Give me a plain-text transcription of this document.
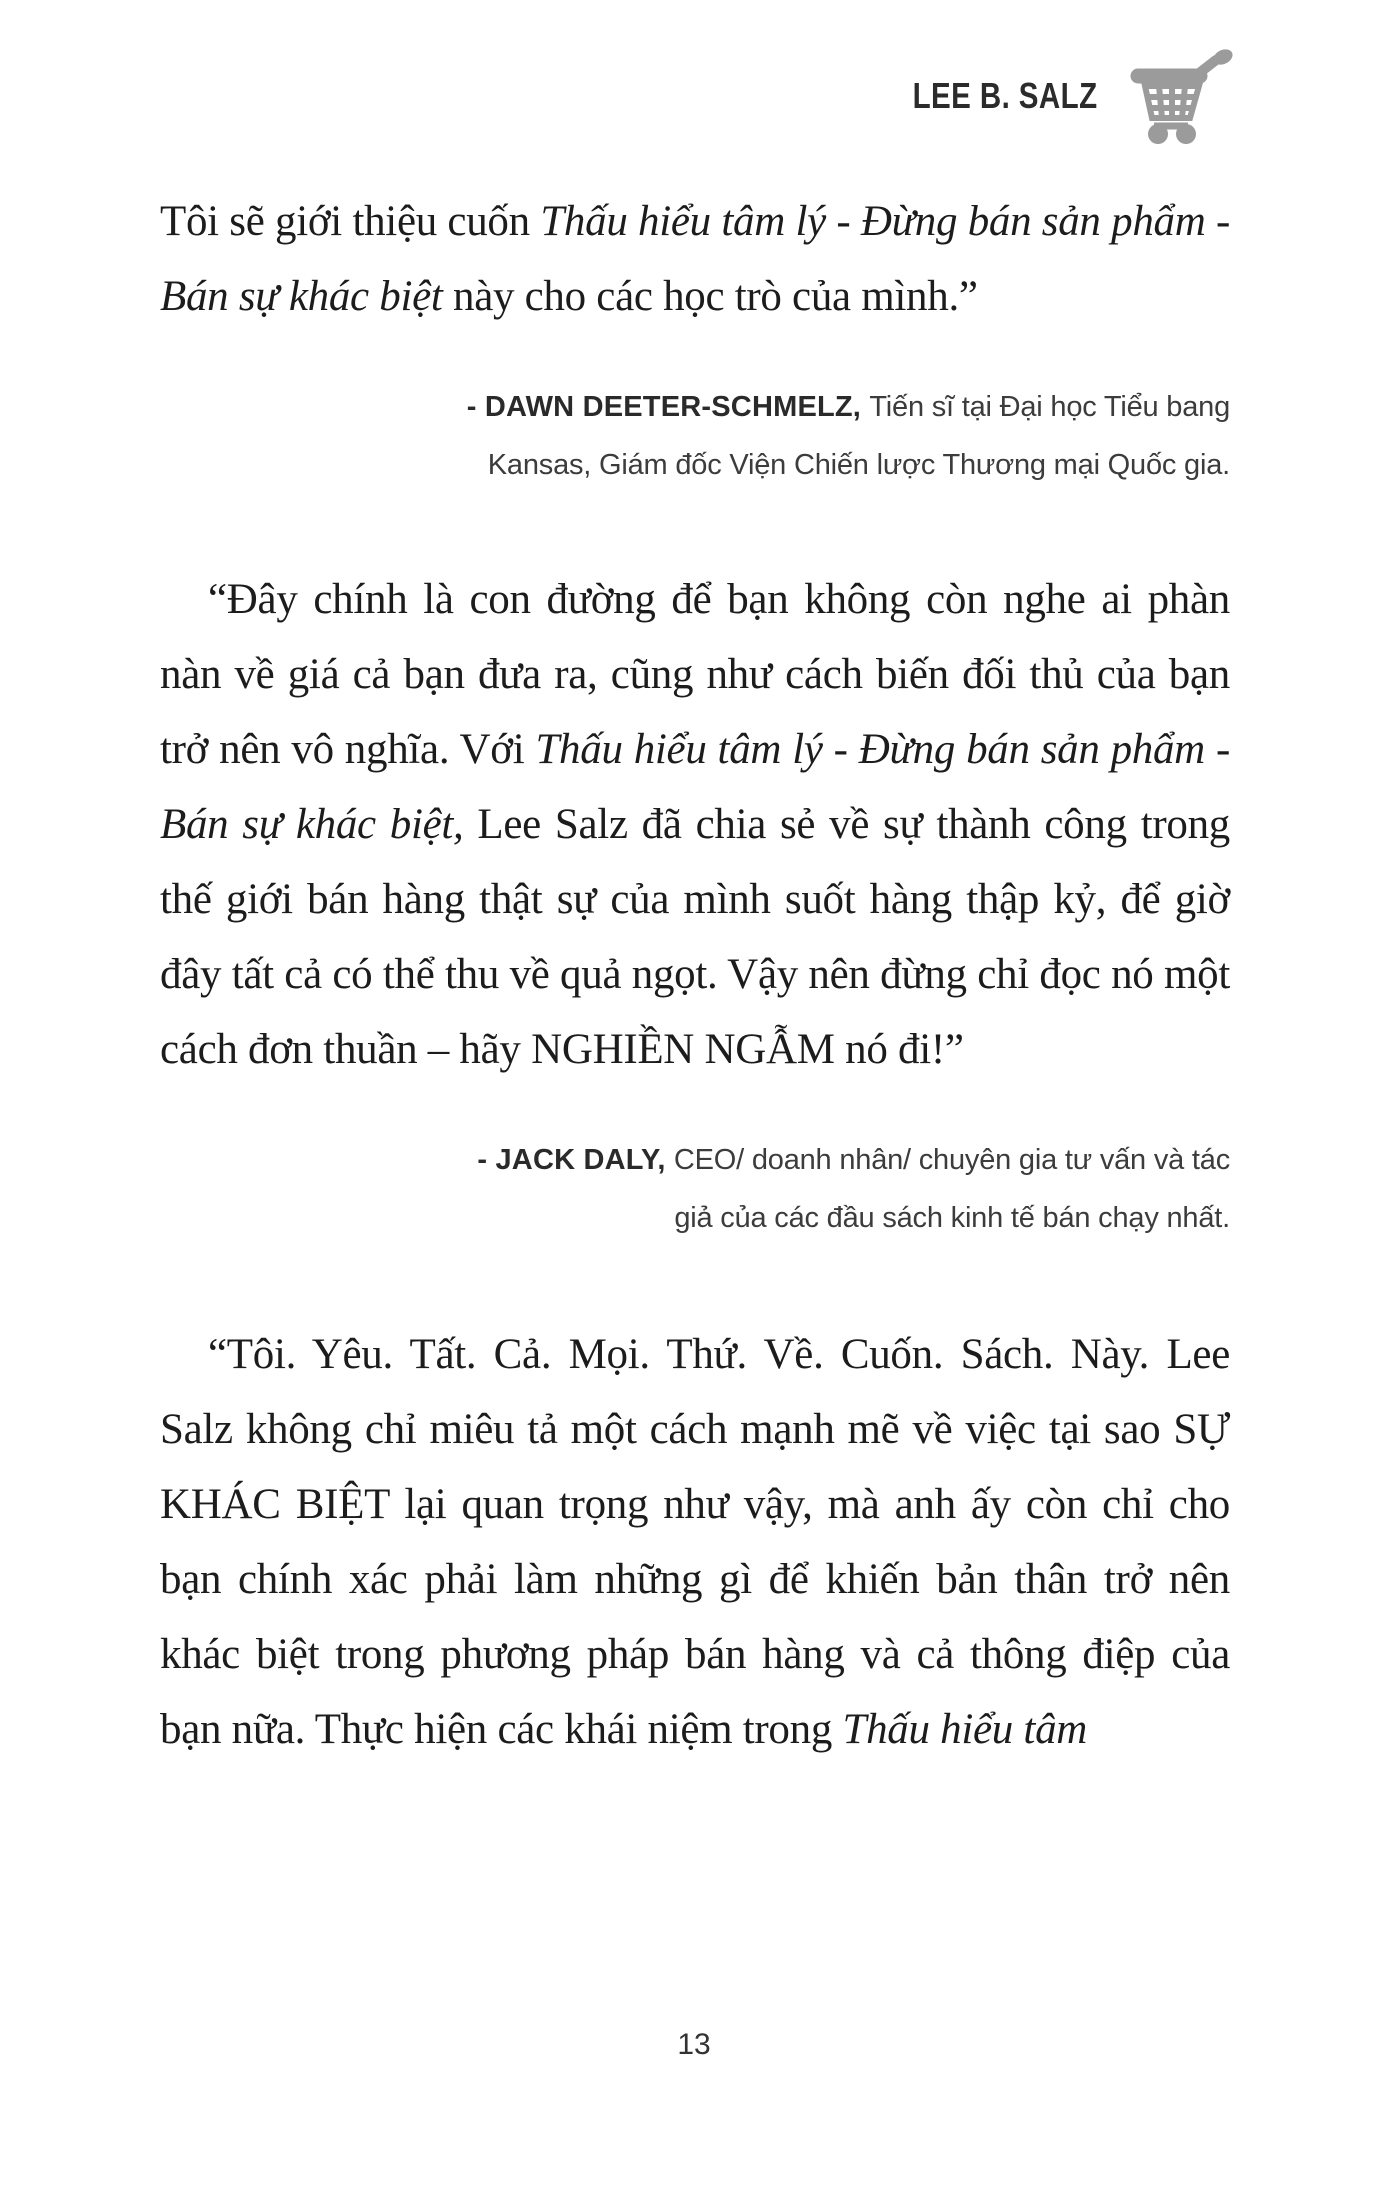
LEE B. SALZ

Tôi sẽ giới thiệu cuốn Thấu hiểu tâm lý - Đừng bán sản phẩm - Bán sự khác biệt này cho các học trò của mình.”

- DAWN DEETER-SCHMELZ, Tiến sĩ tại Đại học Tiểu bang Kansas, Giám đốc Viện Chiến lược Thương mại Quốc gia.

“Đây chính là con đường để bạn không còn nghe ai phàn nàn về giá cả bạn đưa ra, cũng như cách biến đối thủ của bạn trở nên vô nghĩa. Với Thấu hiểu tâm lý - Đừng bán sản phẩm - Bán sự khác biệt, Lee Salz đã chia sẻ về sự thành công trong thế giới bán hàng thật sự của mình suốt hàng thập kỷ, để giờ đây tất cả có thể thu về quả ngọt. Vậy nên đừng chỉ đọc nó một cách đơn thuần – hãy NGHIỀN NGẪM nó đi!”

- JACK DALY, CEO/ doanh nhân/ chuyên gia tư vấn và tác giả của các đầu sách kinh tế bán chạy nhất.

“Tôi. Yêu. Tất. Cả. Mọi. Thứ. Về. Cuốn. Sách. Này. Lee Salz không chỉ miêu tả một cách mạnh mẽ về việc tại sao SỰ KHÁC BIỆT lại quan trọng như vậy, mà anh ấy còn chỉ cho bạn chính xác phải làm những gì để khiến bản thân trở nên khác biệt trong phương pháp bán hàng và cả thông điệp của bạn nữa. Thực hiện các khái niệm trong Thấu hiểu tâm

13
